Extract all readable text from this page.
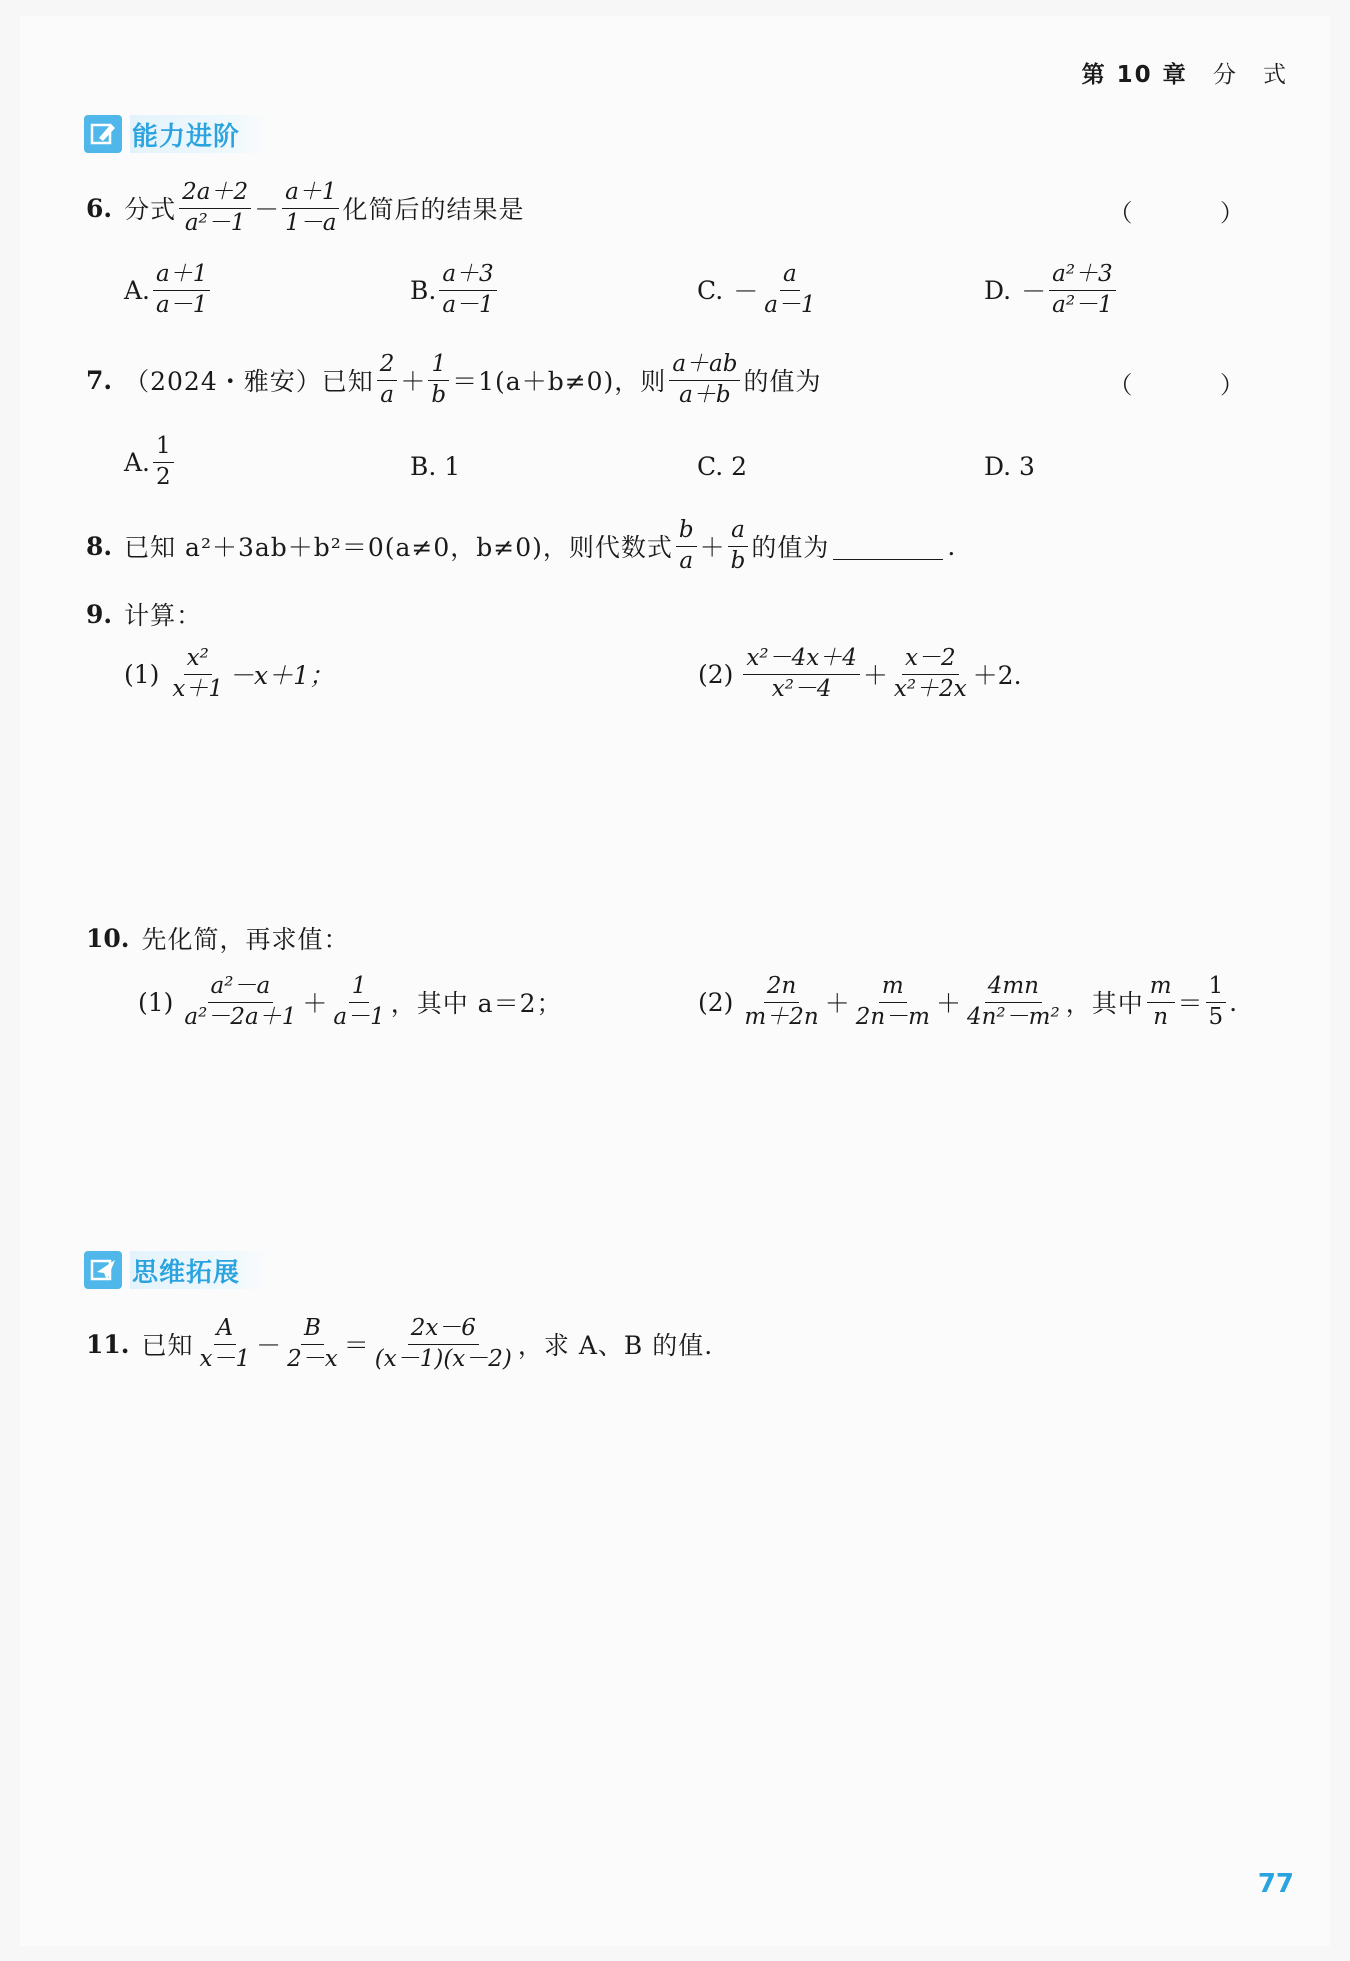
第 10 章 分　式
能力进阶
6. 分式 $\frac{2a+2}{\text{a²－1}} - \frac{a+1}{1-a}$ 化简后的结果是	（ ）
A. $\frac{a+1}{a-1}$	B. $\frac{a+3}{a-1}$	C. － $\frac{a}{a-1}$	D. － $\frac{\text{a²＋3}}{\text{a²－1}}$
7. （2024・雅安）已知 $\frac{2}{a} + \frac{1}{b} =1(a+b\ne 0)$，则 $\frac{a+ab}{a+b}$ 的值为	（ ）
A. $\frac{1}{2}$	B. 1	C. 2	D. 3
8. 已知 a²＋3ab＋b²＝0(a≠0，b≠0)，则代数式 $\frac{b}{a} + \frac{a}{b}$ 的值为	.
9. 计算：
$(1) \frac{\text{x²}}{x+1} -x+1$；	$(2) \frac{\text{x²－4x＋4}}{\text{x²－4}} + \frac{x-2}{\text{x²＋2x}} +2$.
10. 先化简，再求值：
$(1) \frac{\text{a²－a}}{\text{a²－2a＋1}} + \frac{1}{a-1}$ ，其中 a＝2；	$(2) \frac{2n}{m+2n} + \frac{m}{2n-m} + \frac{4mn}{\text{4n²－m²}}$ ，其中 $\frac{m}{n} = \frac{1}{5}$ .
思维拓展
11. 已知 $\frac{A}{x-1} - \frac{B}{2-x} = \frac{2x-6}{(x-1)(x-2)}$ ，求 A、B 的值.
77
